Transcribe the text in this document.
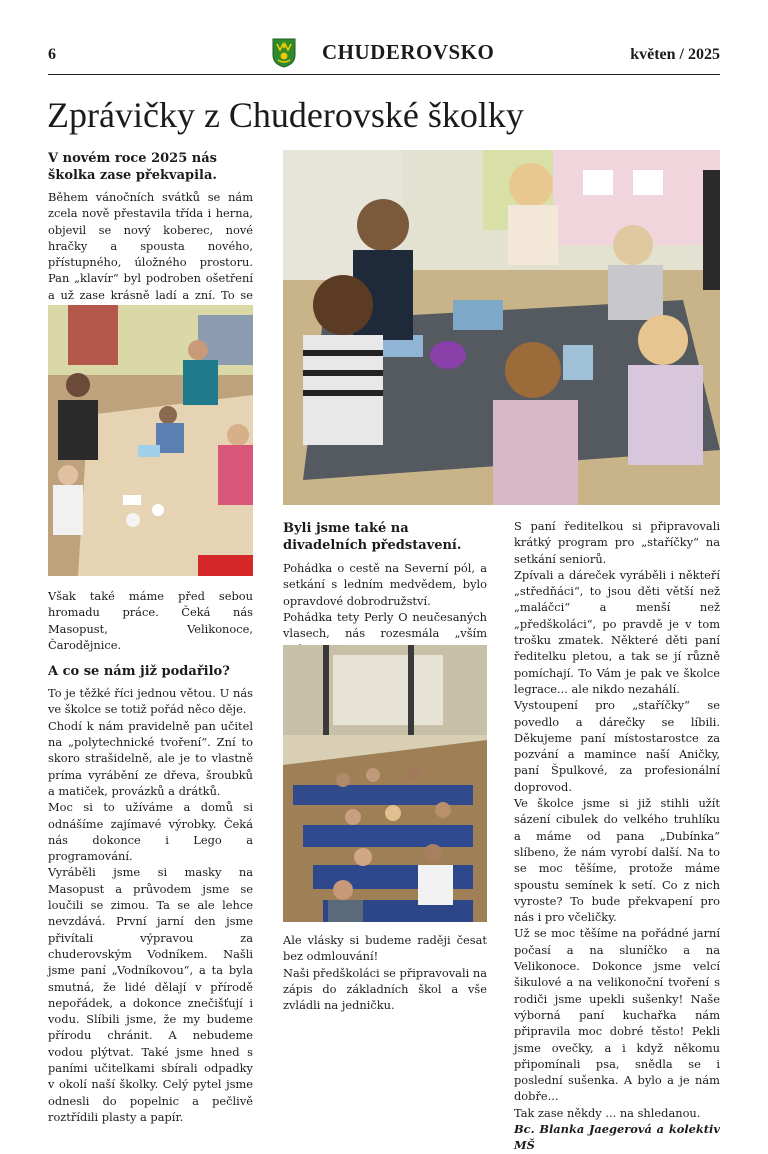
6	CHUDEROVSKO	květen / 2025
Zprávičky z Chuderovské školky
V novém roce 2025 nás školka zase překvapila.

Během vánočních svátků se nám zcela nově přestavila třída i herna, objevil se nový koberec, nové hračky a spousta nového, přístupného, úložného prostoru. Pan „klavír“ byl podroben ošetření a už zase krásně ladí a zní. To se

Však také máme před sebou hromadu práce. Čeká nás Masopust, Velikonoce, Čarodějnice.

A co se nám již podařilo?

To je těžké říci jednou větou. U nás ve školce se totiž pořád něco děje.

Chodí k nám pravidelně pan učitel na „polytechnické tvoření“. Zní to skoro strašidelně, ale je to vlastně príma vyrábění ze dřeva, šroubků a matiček, provázků a drátků.

Moc si to užíváme a domů si odnášíme zajímavé výrobky. Čeká nás dokonce i Lego a programování.

Vyráběli jsme si masky na Masopust a průvodem jsme se loučili se zimou. Ta se ale lehce nevzdává. První jarní den jsme přivítali výpravou za chuderovským Vodníkem. Našli jsme paní „Vodníkovou“, a ta byla smutná, že lidé dělají v přírodě nepořádek, a dokonce znečišťují i vodu. Slíbili jsme, že my budeme přírodu chránit. A nebudeme vodou plýtvat. Také jsme hned s paními učitelkami sbírali odpadky v okolí naší školky. Celý pytel jsme odnesli do popelnic a pečlivě roztřídili plasty a papír.

Byli jsme také na divadelních představení.

Pohádka o cestě na Severní pól, a setkání s ledním medvědem, bylo opravdové dobrodružství.

Pohádka tety Perly O neučesaných vlasech, nás rozesmála „vším

Ale vlásky si budeme raději česat bez odmlouvání!

Naši předškoláci se připravovali na zápis do základních škol a vše zvládli na jedničku.

S paní ředitelkou si připravovali krátký program pro „staříčky“ na setkání seniorů.

Zpívali a dáreček vyráběli i někteří „středňáci“, to jsou děti větší než „maláčci“ a menší než „předškoláci“, po pravdě je v tom trošku zmatek. Některé děti paní ředitelku pletou, a tak se jí různě pomíchají. To Vám je pak ve školce legrace... ale nikdo nezahálí.

Vystoupení pro „staříčky“ se povedlo a dárečky se líbili. Děkujeme paní místostarostce za pozvání a mamince naší Aničky, paní Špulkové, za profesionální doprovod.

Ve školce jsme si již stihli užít sázení cibulek do velkého truhlíku a máme od pana „Dubínka“ slíbeno, že nám vyrobí další. Na to se moc těšíme, protože máme spoustu semínek k setí. Co z nich vyroste? To bude překvapení pro nás i pro včeličky.

Už se moc těšíme na pořádné jarní počasí a na sluníčko a na Velikonoce. Dokonce jsme velcí šikulové a na velikonoční tvoření s rodiči jsme upekli sušenky! Naše výborná paní kuchařka nám připravila moc dobré těsto! Pekli jsme ovečky, a i když někomu připomínali psa, snědla se i poslední sušenka. A bylo a je nám dobře...

Tak zase někdy ... na shledanou.

Bc. Blanka Jaegerová a kolektiv MŠ
